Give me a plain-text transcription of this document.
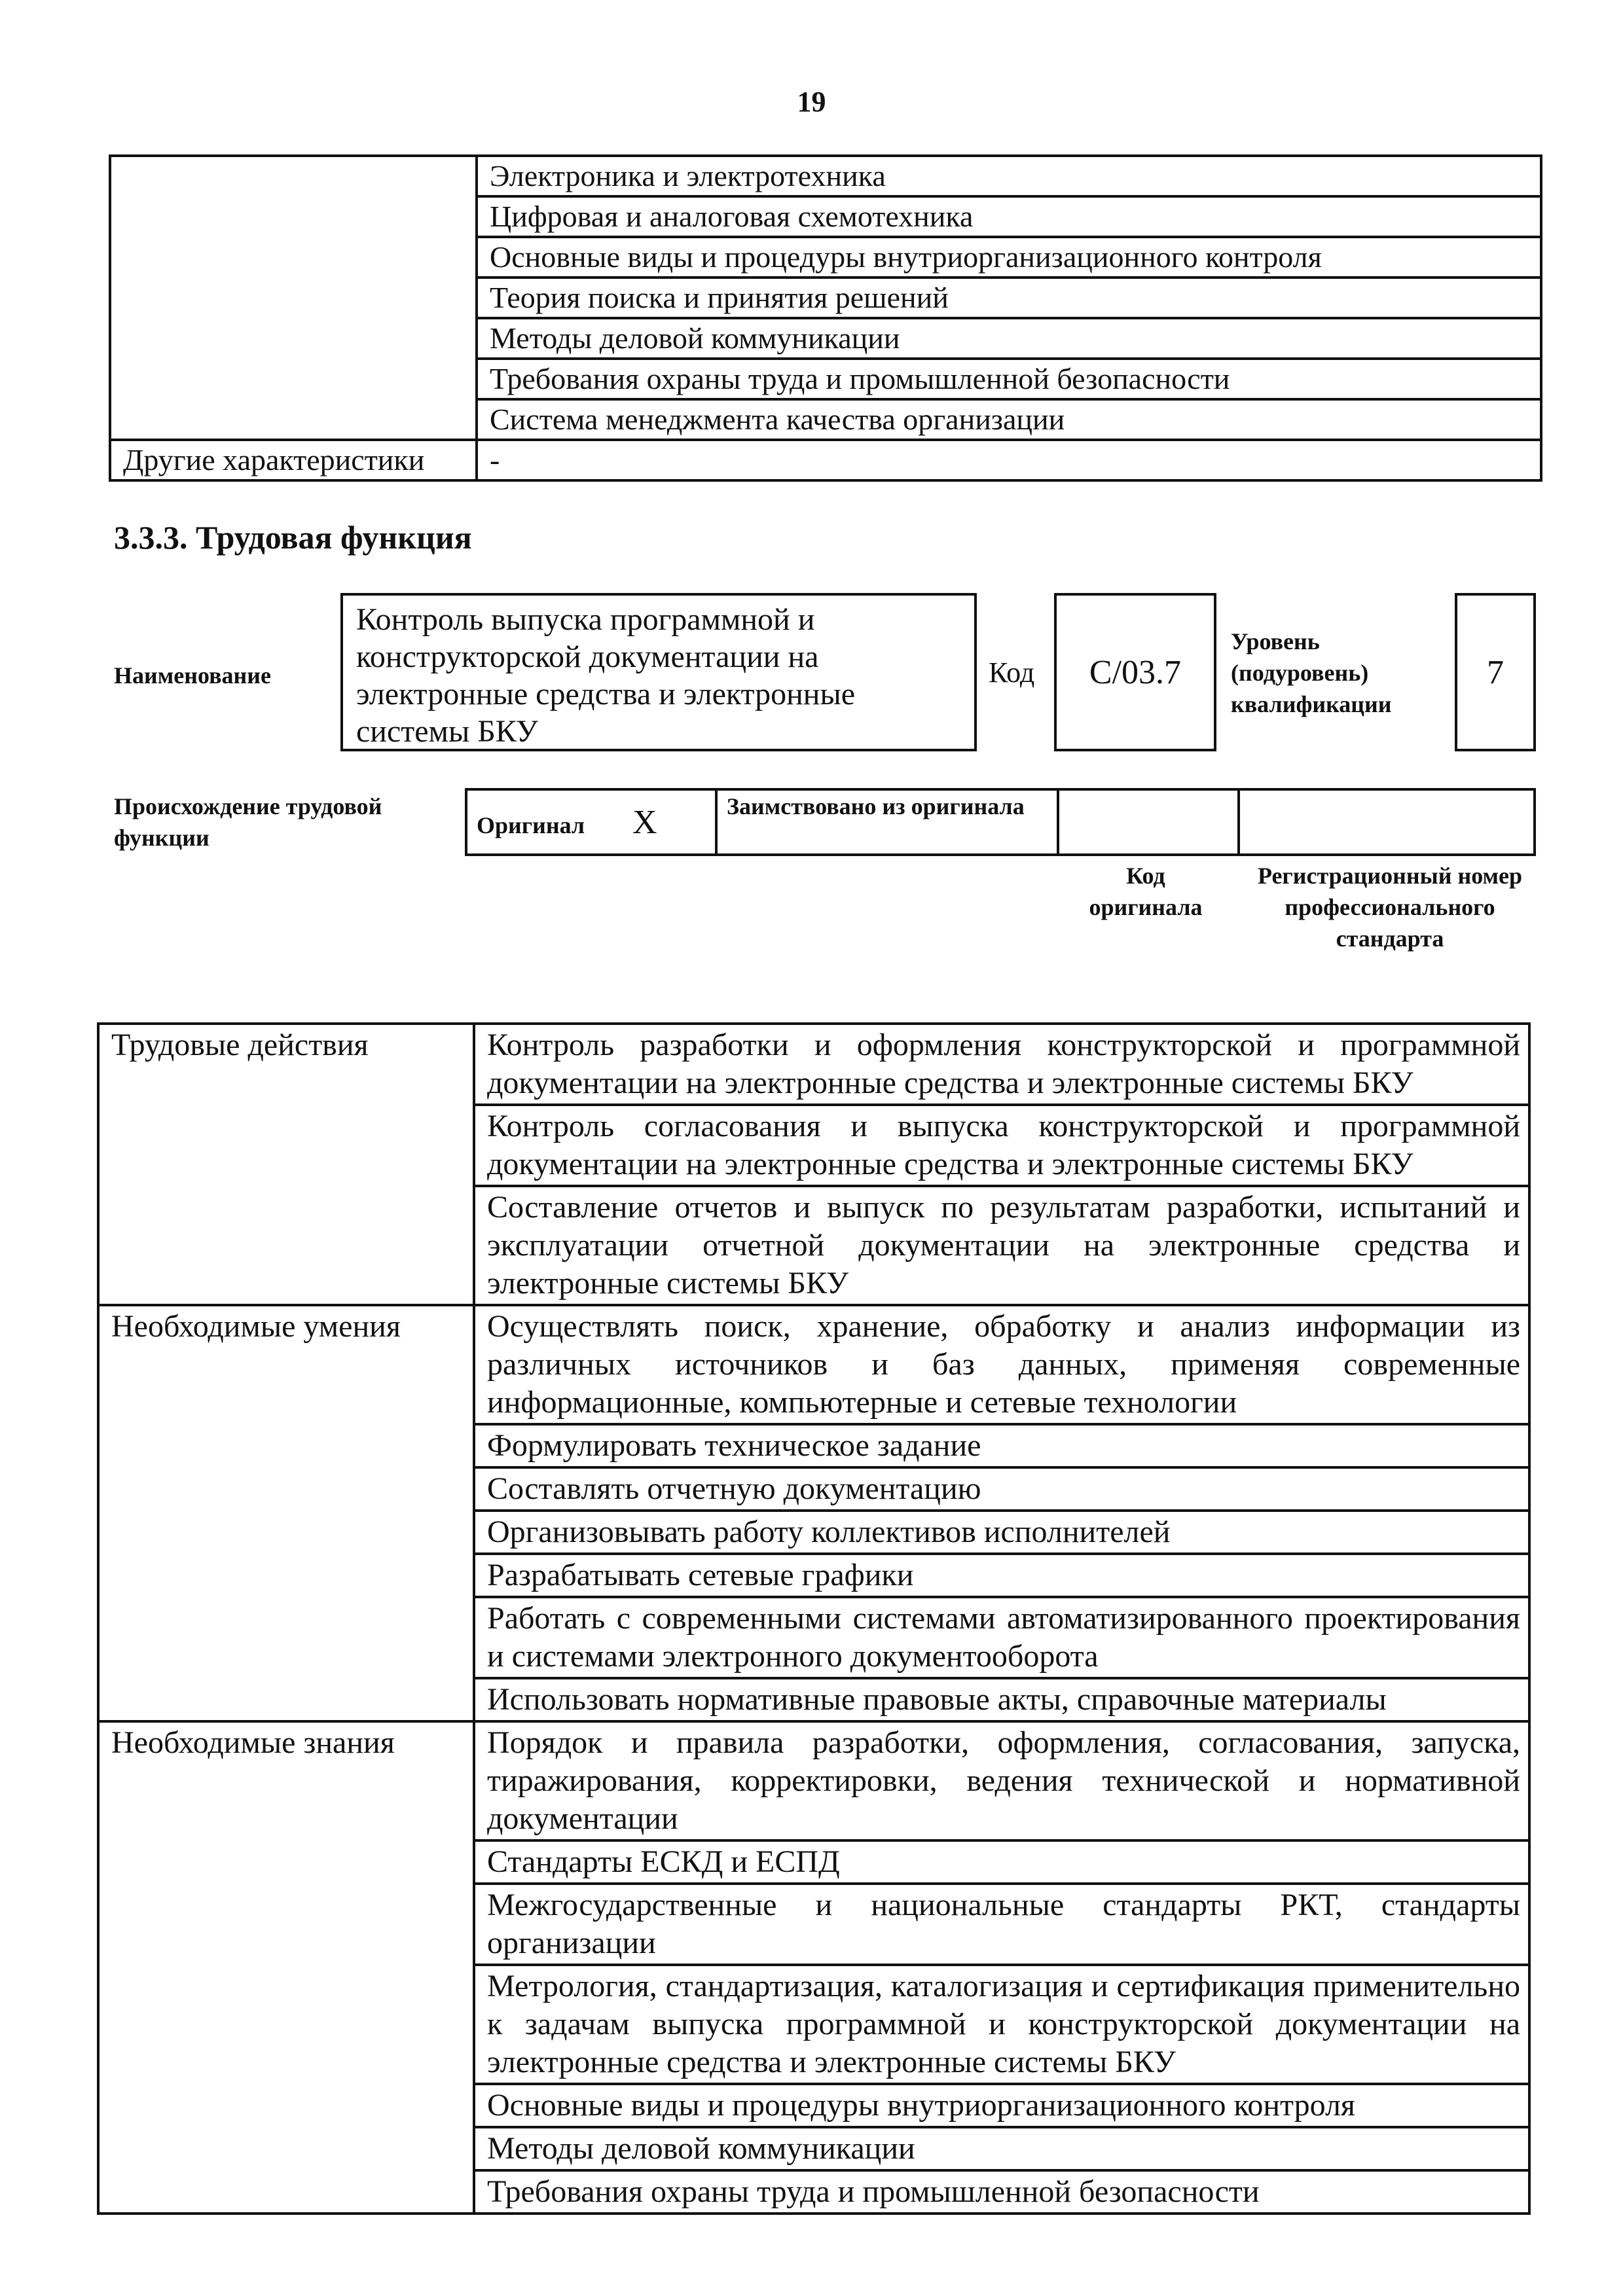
19
	Электроника и электротехника
	Цифровая и аналоговая схемотехника
	Основные виды и процедуры внутриорганизационного контроля
	Теория поиска и принятия решений
	Методы деловой коммуникации
	Требования охраны труда и промышленной безопасности
	Система менеджмента качества организации
Другие характеристики	-
3.3.3. Трудовая функция
Наименование
Контроль выпуска программной и конструкторской документации на электронные средства и электронные системы БКУ
Код	С/03.7
Уровень (подуровень) квалификации
7
Происхождение трудовой функции	Оригинал X	Заимствовано из оригинала		
Код оригинала
Регистрационный номер профессионального стандарта
Трудовые действия	Контроль разработки и оформления конструкторской и программной документации на электронные средства и электронные системы БКУ
	Контроль согласования и выпуска конструкторской и программной документации на электронные средства и электронные системы БКУ
	Составление отчетов и выпуск по результатам разработки, испытаний и эксплуатации отчетной документации на электронные средства и электронные системы БКУ
Необходимые умения	Осуществлять поиск, хранение, обработку и анализ информации из различных источников и баз данных, применяя современные информационные, компьютерные и сетевые технологии
	Формулировать техническое задание
	Составлять отчетную документацию
	Организовывать работу коллективов исполнителей
	Разрабатывать сетевые графики
	Работать с современными системами автоматизированного проектирования и системами электронного документооборота
	Использовать нормативные правовые акты, справочные материалы
Необходимые знания	Порядок и правила разработки, оформления, согласования, запуска, тиражирования, корректировки, ведения технической и нормативной документации
	Стандарты ЕСКД и ЕСПД
	Межгосударственные и национальные стандарты РКТ, стандарты организации
	Метрология, стандартизация, каталогизация и сертификация применительно к задачам выпуска программной и конструкторской документации на электронные средства и электронные системы БКУ
	Основные виды и процедуры внутриорганизационного контроля
	Методы деловой коммуникации
	Требования охраны труда и промышленной безопасности
